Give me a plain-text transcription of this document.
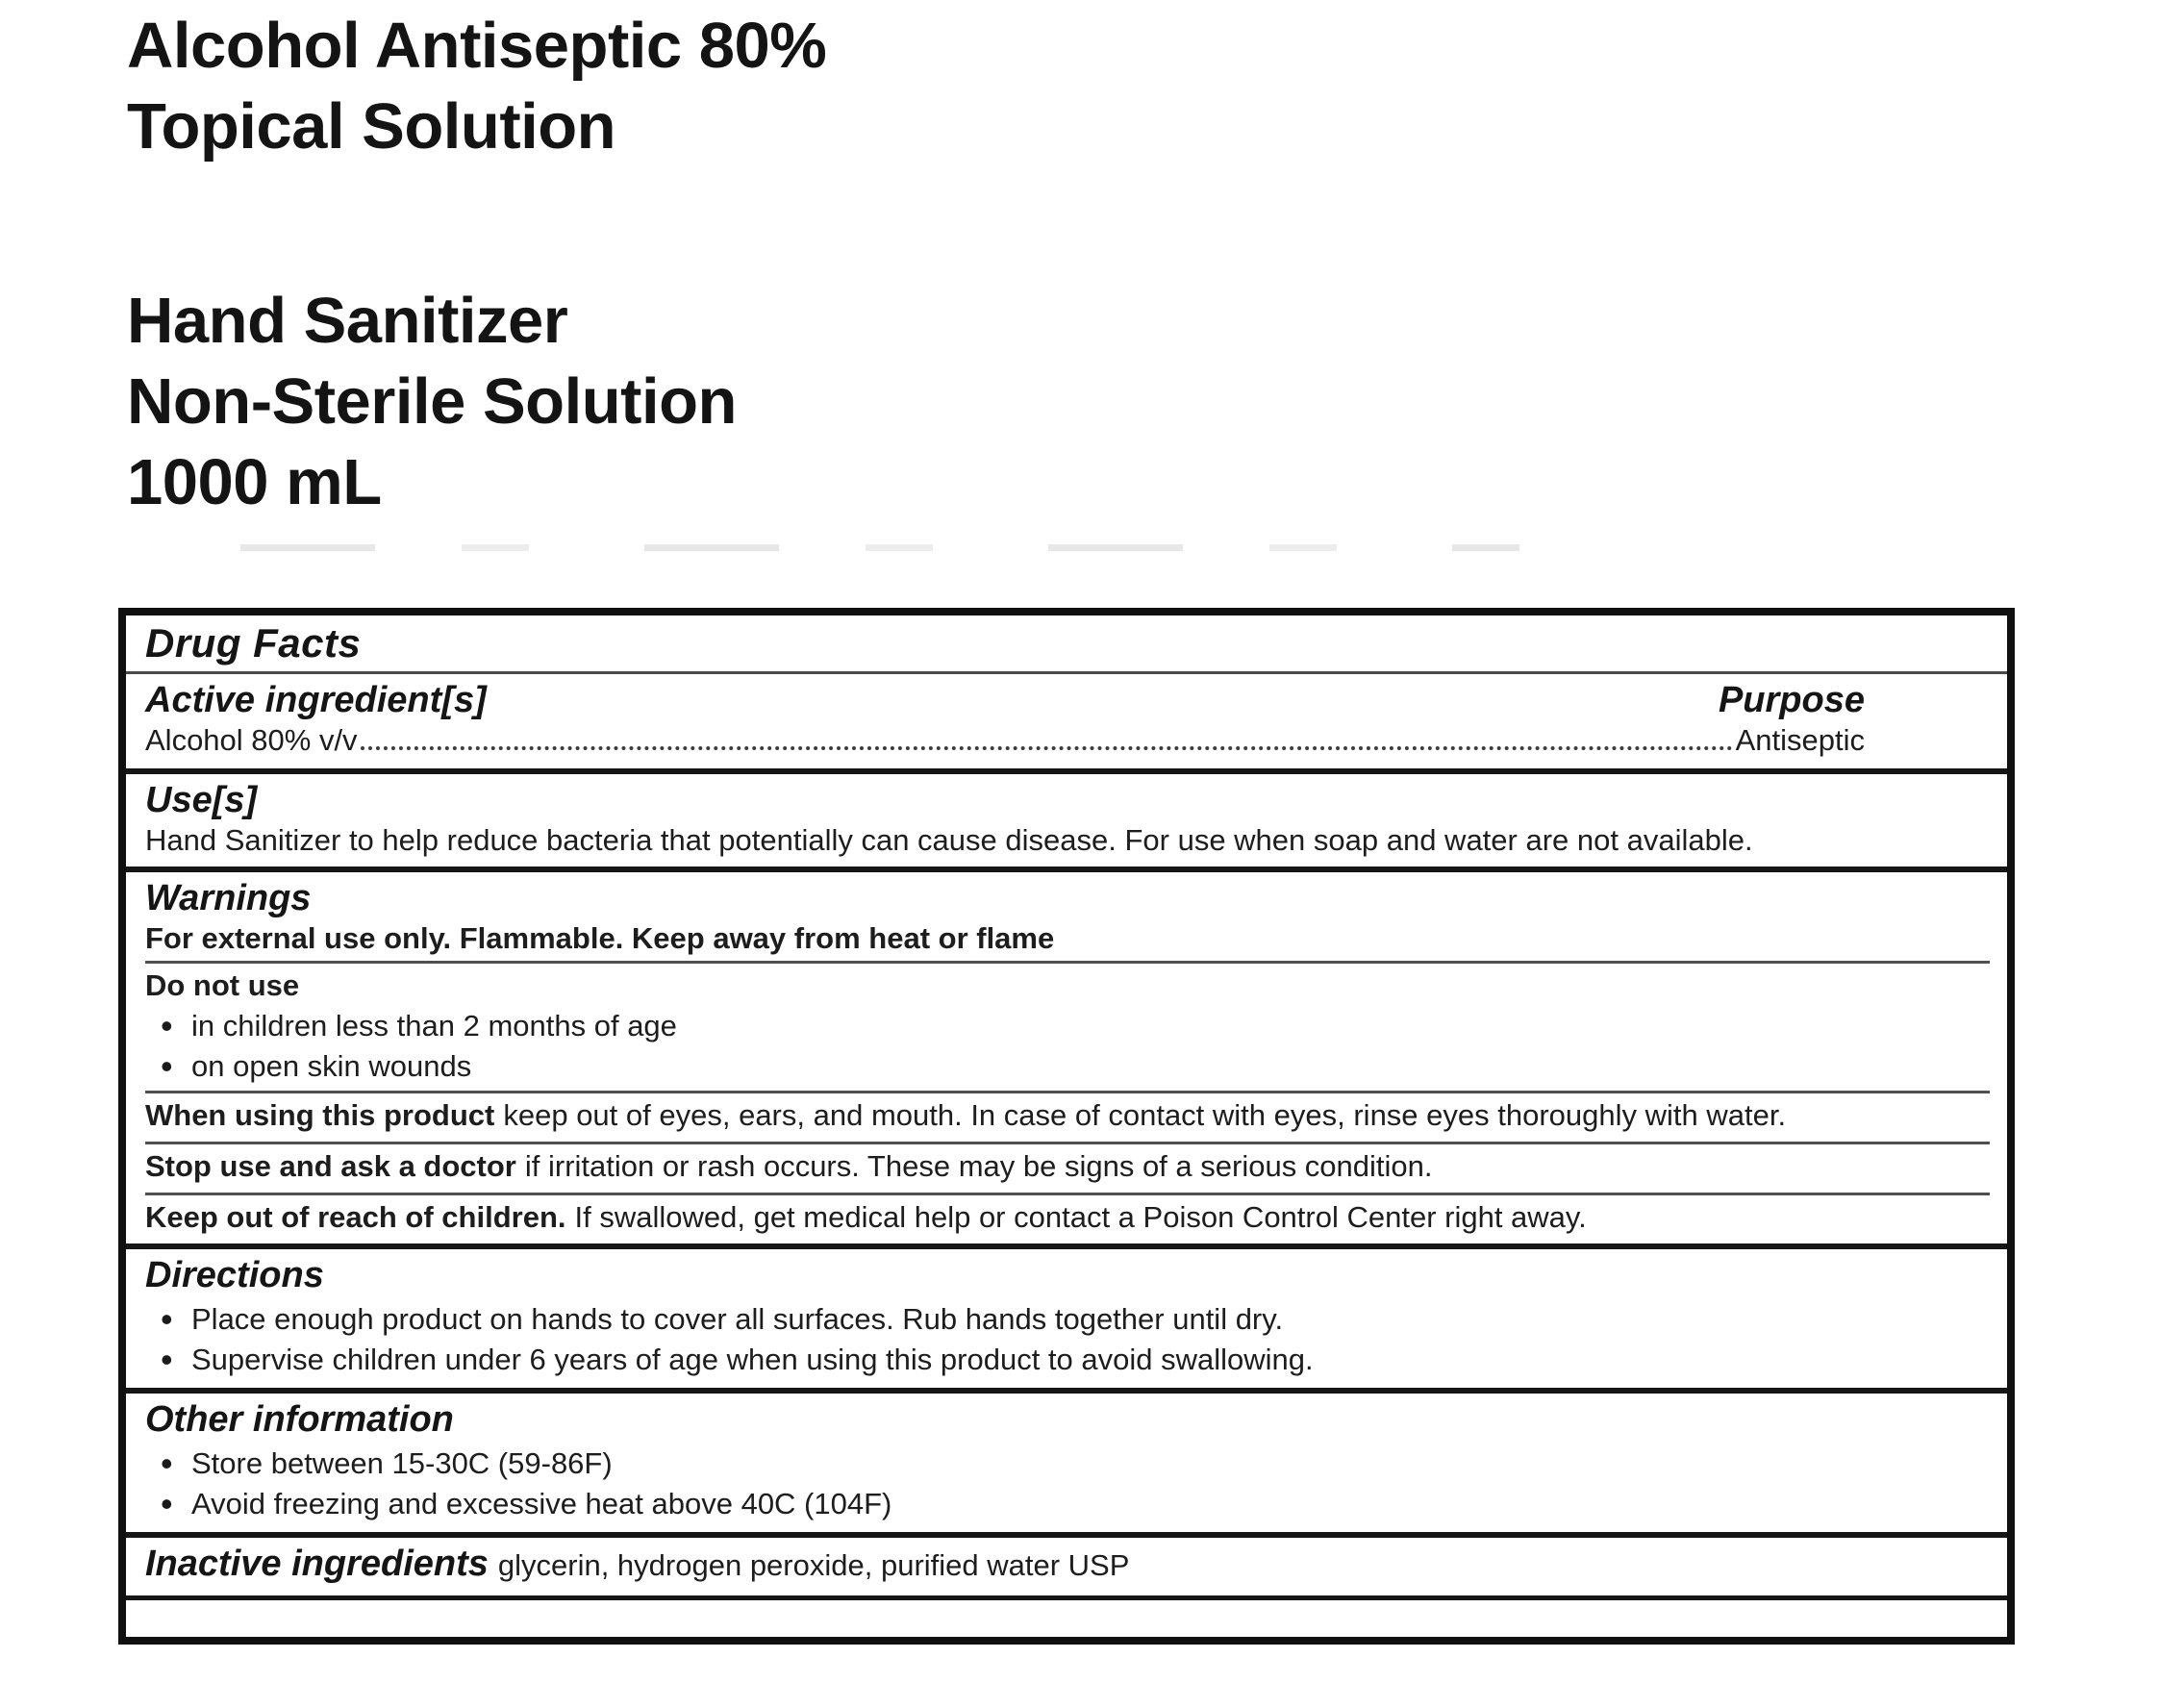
Alcohol Antiseptic 80%
Topical Solution
Hand Sanitizer
Non-Sterile Solution
1000 mL
Drug Facts
Active ingredient[s]	Purpose
Alcohol 80% v/v	Antiseptic
Use[s]

Hand Sanitizer to help reduce bacteria that potentially can cause disease. For use when soap and water are not available.

Warnings

For external use only. Flammable. Keep away from heat or flame

Do not use

• in children less than 2 months of age
• on open skin wounds

When using this product keep out of eyes, ears, and mouth. In case of contact with eyes, rinse eyes thoroughly with water.

Stop use and ask a doctor if irritation or rash occurs. These may be signs of a serious condition.

Keep out of reach of children. If swallowed, get medical help or contact a Poison Control Center right away.

Directions
• Place enough product on hands to cover all surfaces. Rub hands together until dry.
• Supervise children under 6 years of age when using this product to avoid swallowing.
Other information
• Store between 15-30C (59-86F)
• Avoid freezing and excessive heat above 40C (104F)

Inactive ingredients glycerin, hydrogen peroxide, purified water USP
